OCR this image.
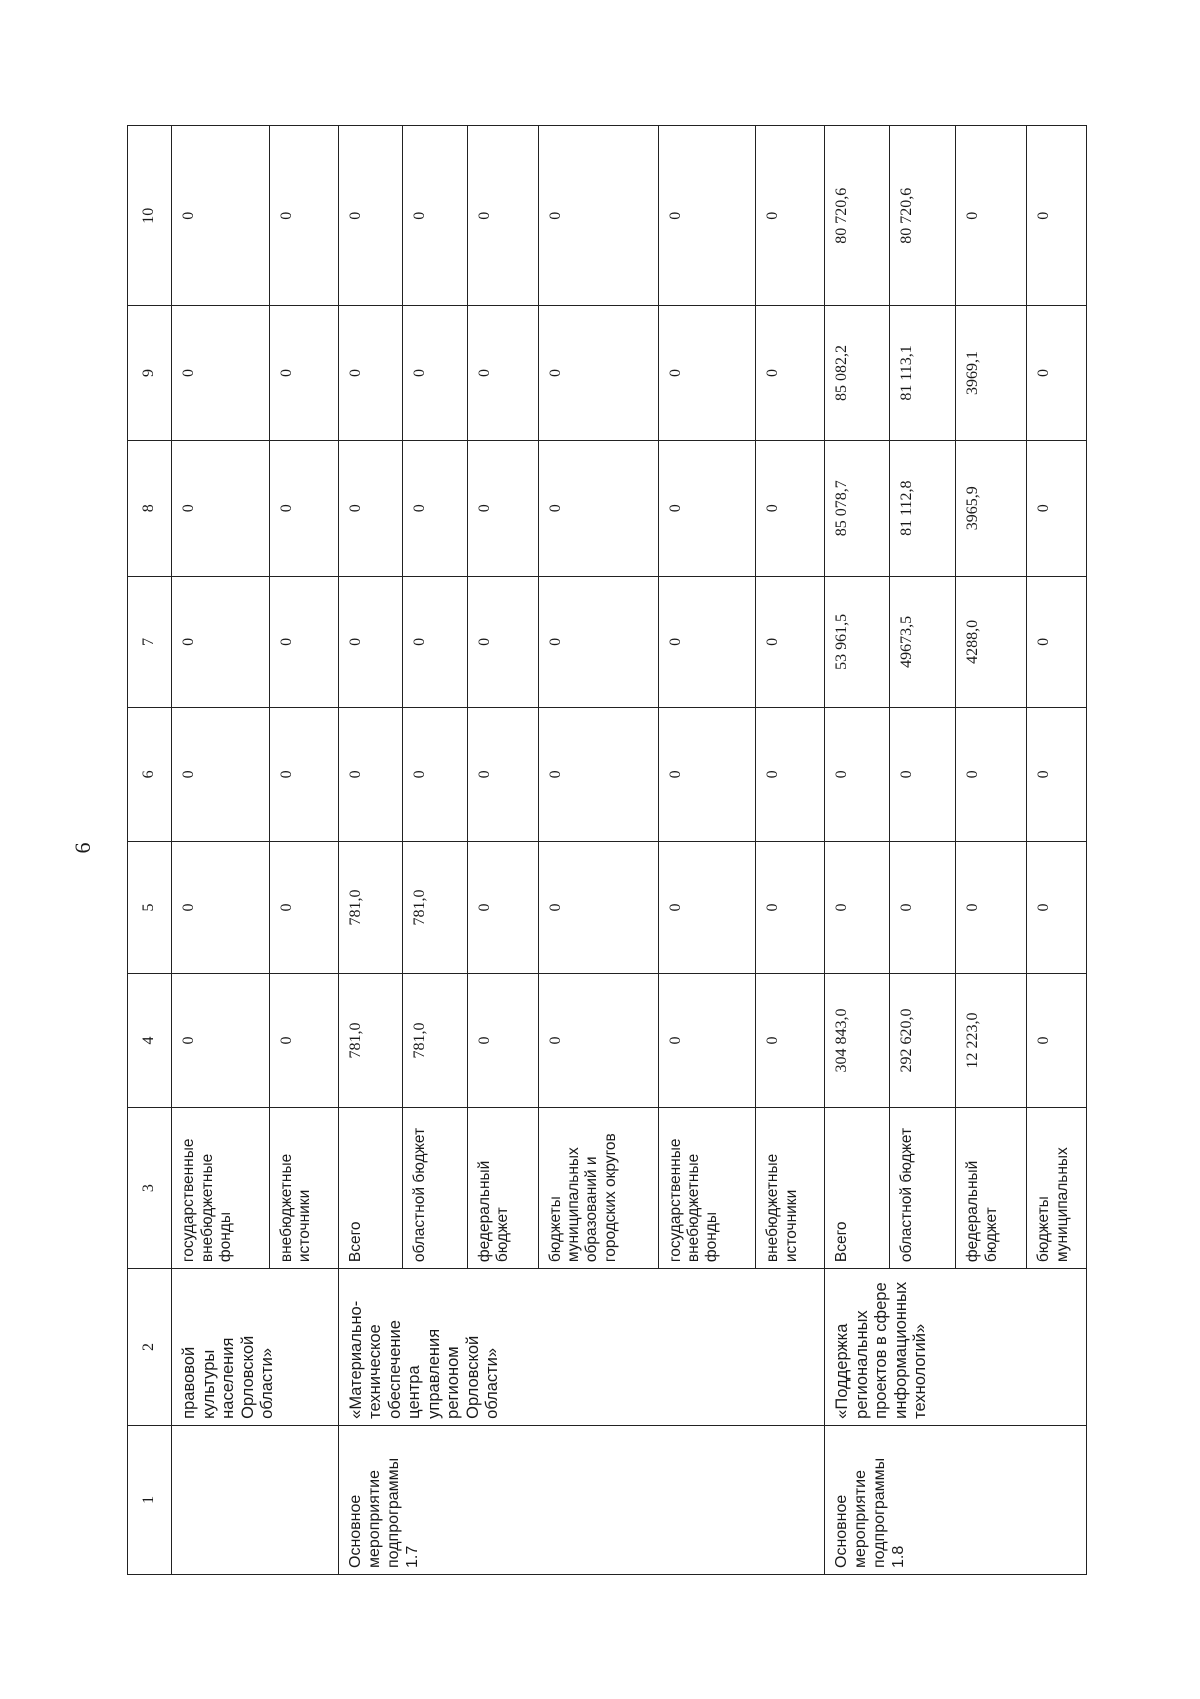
6
1	2	3	4	5	6	7	8	9	10
	правовой культуры населения Орловской области»	государственные внебюджетные фонды	0	0	0	0	0	0	0
		внебюджетные источники	0	0	0	0	0	0	0
Основное мероприятие подпрограммы 1.7	«Материально-техническое обеспечение центра управления регионом Орловской области»	Всего	781,0	781,0	0	0	0	0	0
		областной бюджет	781,0	781,0	0	0	0	0	0
		федеральный бюджет	0	0	0	0	0	0	0
		бюджеты муниципальных образований и городских округов	0	0	0	0	0	0	0
		государственные внебюджетные фонды	0	0	0	0	0	0	0
		внебюджетные источники	0	0	0	0	0	0	0
Основное мероприятие подпрограммы 1.8	«Поддержка региональных проектов в сфере информационных технологий»	Всего	304 843,0	0	0	53 961,5	85 078,7	85 082,2	80 720,6
		областной бюджет	292 620,0	0	0	49673,5	81 112,8	81 113,1	80 720,6
		федеральный бюджет	12 223,0	0	0	4288,0	3965,9	3969,1	0
		бюджеты муниципальных	0	0	0	0	0	0	0
